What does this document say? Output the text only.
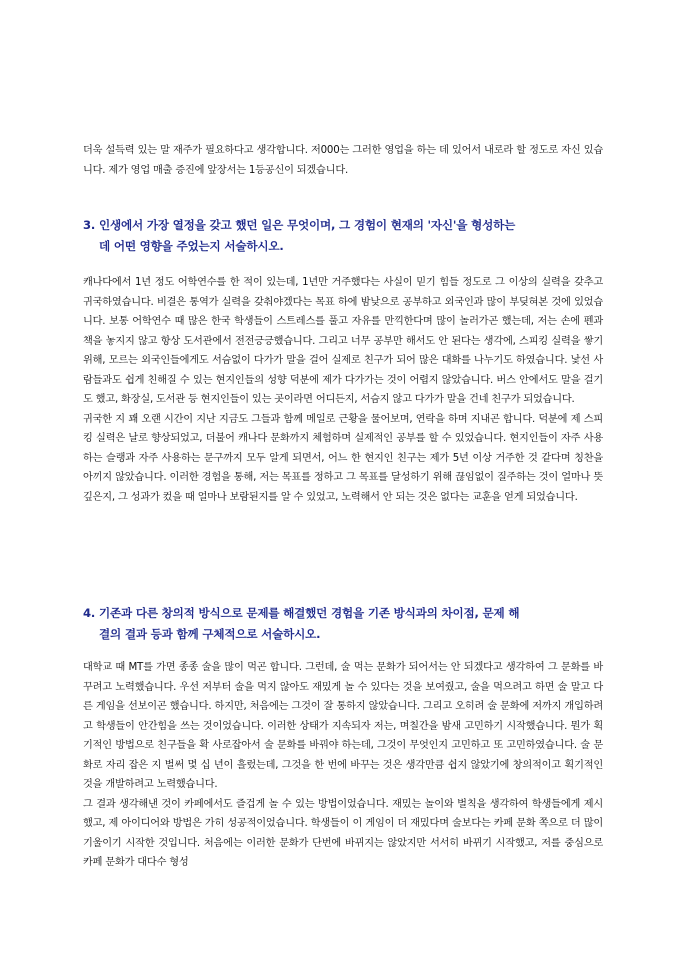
더욱 설득력 있는 말 재주가 필요하다고 생각합니다. 저000는 그러한 영업을 하는 데 있어서 내로라 할 정도로 자신 있습니다. 제가 영업 매출 증진에 앞장서는 1등공신이 되겠습니다.

3. 인생에서 가장 열정을 갖고 했던 일은 무엇이며, 그 경험이 현재의 '자신'을 형성하는
데 어떤 영향을 주었는지 서술하시오.

캐나다에서 1년 정도 어학연수를 한 적이 있는데, 1년만 거주했다는 사실이 믿기 힘들 정도로 그 이상의 실력을 갖추고 귀국하였습니다. 비결은 통역가 실력을 갖춰야겠다는 목표 하에 밤낮으로 공부하고 외국인과 많이 부딪혀본 것에 있었습니다. 보통 어학연수 때 많은 한국 학생들이 스트레스를 풀고 자유를 만끽한다며 많이 놀러가곤 했는데, 저는 손에 펜과 책을 놓지지 않고 항상 도서관에서 전전긍긍했습니다. 그리고 너무 공부만 해서도 안 된다는 생각에, 스피킹 실력을 쌓기 위해, 모르는 외국인들에게도 서슴없이 다가가 말을 걸어 실제로 친구가 되어 많은 대화를 나누기도 하였습니다. 낯선 사람들과도 쉽게 친해질 수 있는 현지인들의 성향 덕분에 제가 다가가는 것이 어렵지 않았습니다. 버스 안에서도 말을 걸기도 했고, 화장실, 도서관 등 현지인들이 있는 곳이라면 어디든지, 서슴지 않고 다가가 말을 건네 친구가 되었습니다.

귀국한 지 꽤 오랜 시간이 지난 지금도 그들과 함께 메일로 근황을 물어보며, 연락을 하며 지내곤 합니다. 덕분에 제 스피킹 실력은 날로 향상되었고, 더불어 캐나다 문화까지 체험하며 실제적인 공부를 할 수 있었습니다. 현지인들이 자주 사용하는 슬랭과 자주 사용하는 문구까지 모두 알게 되면서, 어느 한 현지인 친구는 제가 5년 이상 거주한 것 같다며 칭찬을 아끼지 않았습니다. 이러한 경험을 통해, 저는 목표를 정하고 그 목표를 달성하기 위해 끊임없이 질주하는 것이 얼마나 뜻 깊은지, 그 성과가 컸을 때 얼마나 보람된지를 알 수 있었고, 노력해서 안 되는 것은 없다는 교훈을 얻게 되었습니다.

4. 기존과 다른 창의적 방식으로 문제를 해결했던 경험을 기존 방식과의 차이점, 문제 해
결의 결과 등과 함께 구체적으로 서술하시오.

대학교 때 MT를 가면 종종 술을 많이 먹곤 합니다. 그런데, 술 먹는 문화가 되어서는 안 되겠다고 생각하여 그 문화를 바꾸려고 노력했습니다. 우선 저부터 술을 먹지 않아도 재밌게 놀 수 있다는 것을 보여줬고, 술을 먹으려고 하면 술 말고 다른 게임을 선보이곤 했습니다. 하지만, 처음에는 그것이 잘 통하지 않았습니다. 그리고 오히려 술 문화에 저까지 개입하려고 학생들이 안간힘을 쓰는 것이었습니다. 이러한 상태가 지속되자 저는, 며칠간을 밤새 고민하기 시작했습니다. 뭔가 획기적인 방법으로 친구들을 확 사로잡아서 술 문화를 바꿔야 하는데, 그것이 무엇인지 고민하고 또 고민하였습니다. 술 문화로 자리 잡은 지 벌써 몇 십 년이 흘렀는데, 그것을 한 번에 바꾸는 것은 생각만큼 쉽지 않았기에 창의적이고 획기적인 것을 개발하려고 노력했습니다.

그 결과 생각해낸 것이 카페에서도 즐겁게 놀 수 있는 방법이었습니다. 재밌는 놀이와 벌칙을 생각하여 학생들에게 제시했고, 제 아이디어와 방법은 가히 성공적이었습니다. 학생들이 이 게임이 더 재밌다며 술보다는 카페 문화 쪽으로 더 많이 기울이기 시작한 것입니다. 처음에는 이러한 문화가 단번에 바뀌지는 않았지만 서서히 바뀌기 시작했고, 저를 중심으로 카페 문화가 대다수 형성
